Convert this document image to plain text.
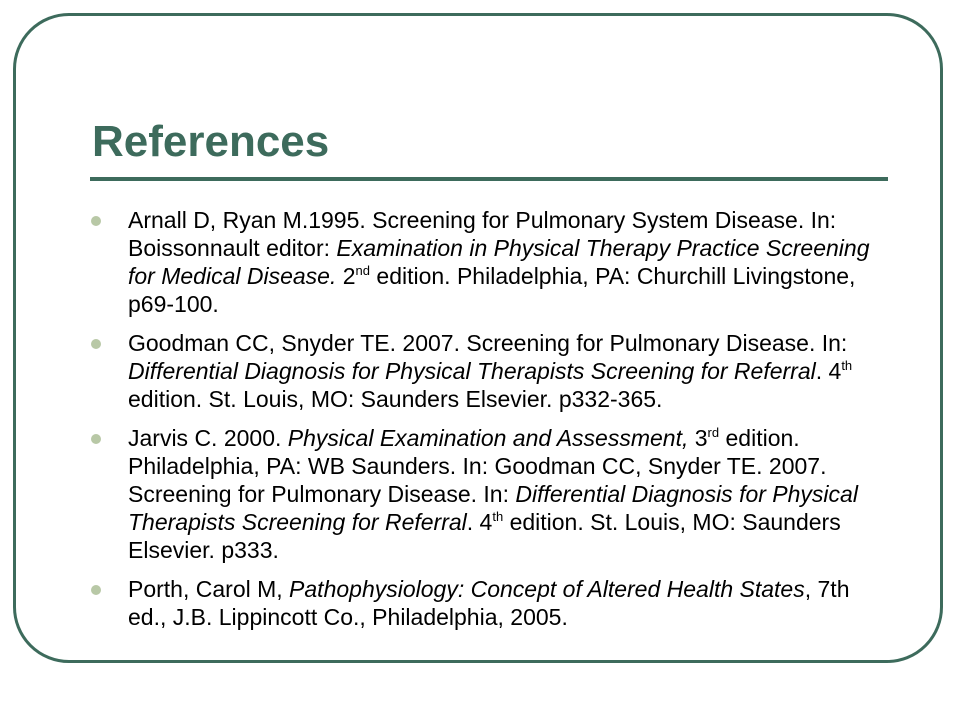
References
Arnall D, Ryan M.1995. Screening for Pulmonary System Disease. In: Boissonnault editor: Examination in Physical Therapy Practice Screening for Medical Disease. 2nd edition. Philadelphia, PA: Churchill Livingstone, p69-100.
Goodman CC, Snyder TE. 2007. Screening for Pulmonary Disease. In: Differential Diagnosis for Physical Therapists Screening for Referral. 4th edition. St. Louis, MO: Saunders Elsevier. p332-365.
Jarvis C. 2000. Physical Examination and Assessment, 3rd edition. Philadelphia, PA: WB Saunders. In: Goodman CC, Snyder TE. 2007. Screening for Pulmonary Disease. In: Differential Diagnosis for Physical Therapists Screening for Referral. 4th edition. St. Louis, MO: Saunders Elsevier. p333.
Porth, Carol M, Pathophysiology: Concept of Altered Health States, 7th ed., J.B. Lippincott Co., Philadelphia, 2005.
